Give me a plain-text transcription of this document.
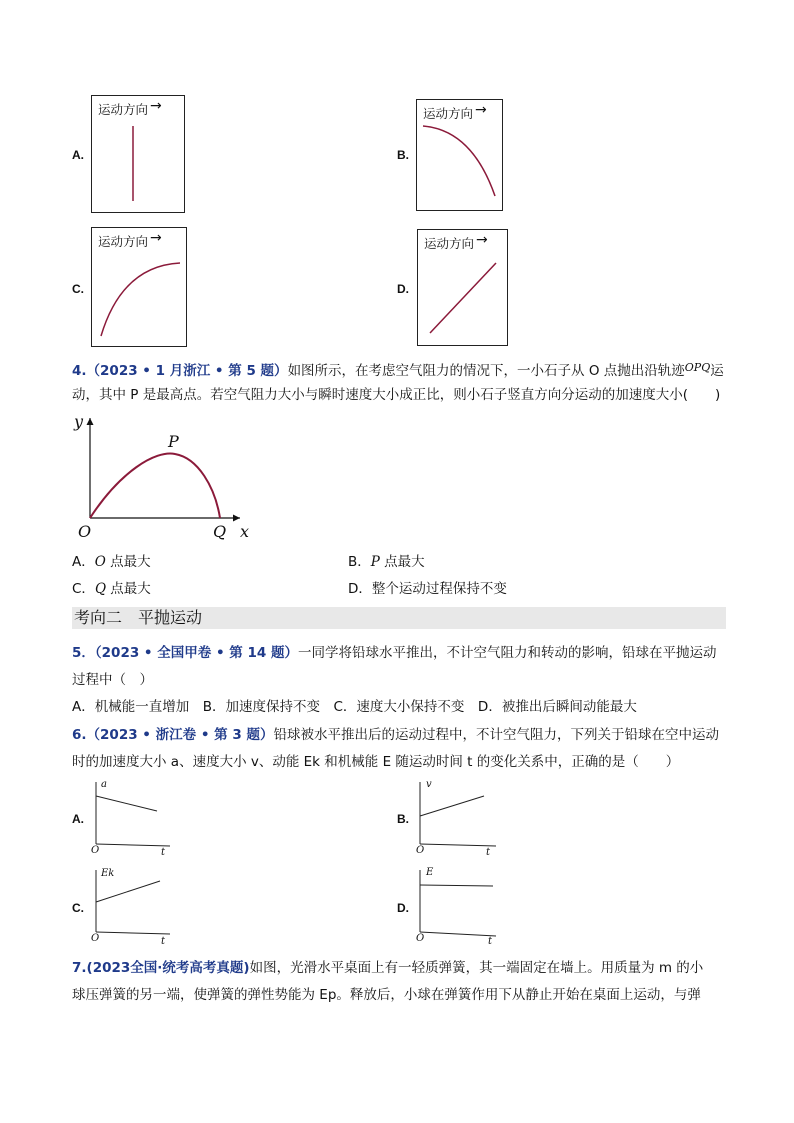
A.
运动方向 →
B.
运动方向 →
C.
运动方向 →
D.
运动方向 →
4.（2023 • 1 月浙江 • 第 5 题）如图所示，在考虑空气阻力的情况下，一小石子从 O 点抛出沿轨迹$^{OPQ}$运
动，其中 P 是最高点。若空气阻力大小与瞬时速度大小成正比，则小石子竖直方向分运动的加速度大小(　　)
y
P
O	Q x
A．O 点最大	B．P 点最大
C．Q 点最大	D．整个运动过程保持不变
考向二　平抛运动
5．（2023 • 全国甲卷 • 第 14 题）一同学将铅球水平推出，不计空气阻力和转动的影响，铅球在平抛运动
过程中（　）
A．机械能一直增加　B．加速度保持不变　C．速度大小保持不变　D．被推出后瞬间动能最大
6.（2023 • 浙江卷 • 第 3 题）铅球被水平推出后的运动过程中，不计空气阻力，下列关于铅球在空中运动
时的加速度大小 a、速度大小 v、动能 Ek 和机械能 E 随运动时间 t 的变化关系中，正确的是（　　）
A.
a
O	t
B.
v
O	t
C.
Ek
O	t
D.
E
O	t
7.(2023全国·统考高考真题)如图，光滑水平桌面上有一轻质弹簧，其一端固定在墙上。用质量为 m 的小
球压弹簧的另一端，使弹簧的弹性势能为 Ep。释放后，小球在弹簧作用下从静止开始在桌面上运动，与弹
